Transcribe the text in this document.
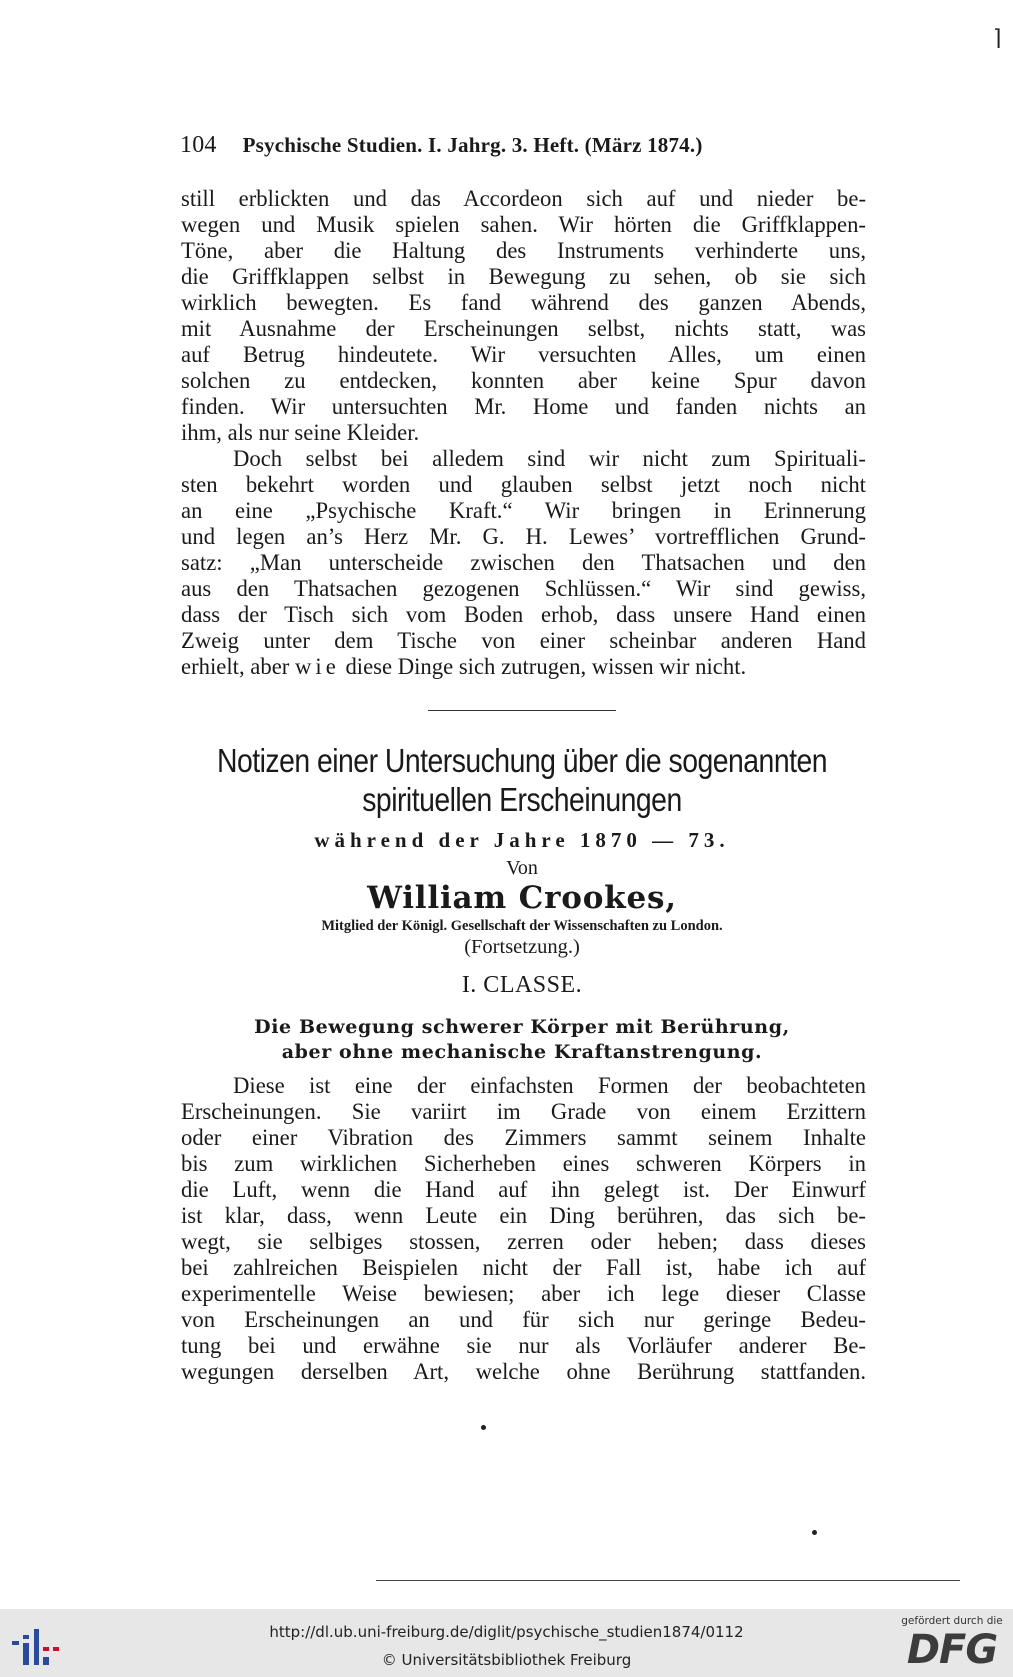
⌉
104 Psychische Studien. I. Jahrg. 3. Heft. (März 1874.)
still erblickten und das Accordeon sich auf und nieder be-
wegen und Musik spielen sahen. Wir hörten die Griffklappen-
Töne, aber die Haltung des Instruments verhinderte uns,
die Griffklappen selbst in Bewegung zu sehen, ob sie sich
wirklich bewegten. Es fand während des ganzen Abends,
mit Ausnahme der Erscheinungen selbst, nichts statt, was
auf Betrug hindeutete. Wir versuchten Alles, um einen
solchen zu entdecken, konnten aber keine Spur davon
finden. Wir untersuchten Mr. Home und fanden nichts an
ihm, als nur seine Kleider.
Doch selbst bei alledem sind wir nicht zum Spirituali-
sten bekehrt worden und glauben selbst jetzt noch nicht
an eine „Psychische Kraft.“ Wir bringen in Erinnerung
und legen an’s Herz Mr. G. H. Lewes’ vortrefflichen Grund-
satz: „Man unterscheide zwischen den Thatsachen und den
aus den Thatsachen gezogenen Schlüssen.“ Wir sind gewiss,
dass der Tisch sich vom Boden erhob, dass unsere Hand einen
Zweig unter dem Tische von einer scheinbar anderen Hand
erhielt, aber wie diese Dinge sich zutrugen, wissen wir nicht.
Notizen einer Untersuchung über die sogenannten
spirituellen Erscheinungen
während der Jahre 1870 — 73.
Von
William Crookes,
Mitglied der Königl. Gesellschaft der Wissenschaften zu London.
(Fortsetzung.)
I. CLASSE.
Die Bewegung schwerer Körper mit Berührung,
aber ohne mechanische Kraftanstrengung.
Diese ist eine der einfachsten Formen der beobachteten
Erscheinungen. Sie variirt im Grade von einem Erzittern
oder einer Vibration des Zimmers sammt seinem Inhalte
bis zum wirklichen Sicherheben eines schweren Körpers in
die Luft, wenn die Hand auf ihn gelegt ist. Der Einwurf
ist klar, dass, wenn Leute ein Ding berühren, das sich be-
wegt, sie selbiges stossen, zerren oder heben; dass dieses
bei zahlreichen Beispielen nicht der Fall ist, habe ich auf
experimentelle Weise bewiesen; aber ich lege dieser Classe
von Erscheinungen an und für sich nur geringe Bedeu-
tung bei und erwähne sie nur als Vorläufer anderer Be-
wegungen derselben Art, welche ohne Berührung stattfanden.
http://dl.ub.uni-freiburg.de/diglit/psychische_studien1874/0112
© Universitätsbibliothek Freiburg
gefördert durch die
DFG
